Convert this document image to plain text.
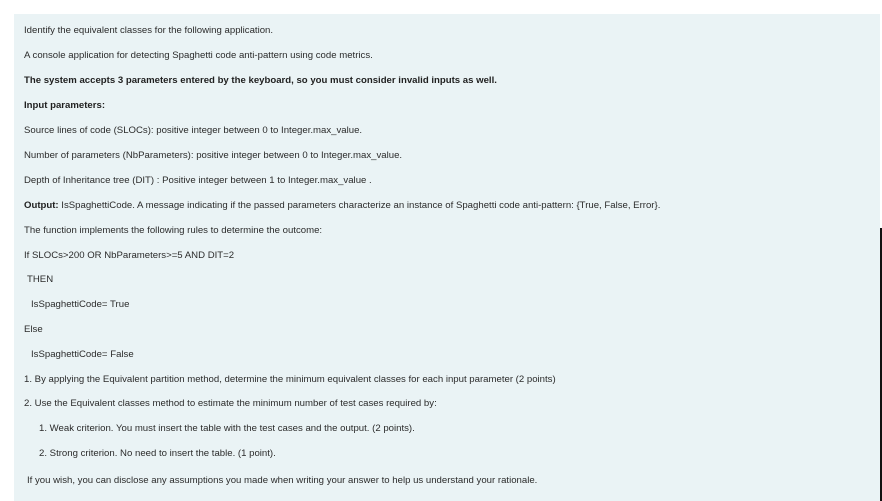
Identify the equivalent classes for the following application.
A console application for detecting Spaghetti code anti-pattern using code metrics.
The system accepts 3 parameters entered by the keyboard, so you must consider invalid inputs as well.
Input parameters:
Source lines of code (SLOCs): positive integer between 0 to Integer.max_value.
Number of parameters (NbParameters): positive integer between 0 to Integer.max_value.
Depth of Inheritance tree (DIT) : Positive integer between 1 to Integer.max_value .
Output: IsSpaghettiCode. A message indicating if the passed parameters characterize an instance of Spaghetti code anti-pattern: {True, False, Error}.
The function implements the following rules to determine the outcome:
If SLOCs>200 OR NbParameters>=5 AND DIT=2
THEN
IsSpaghettiCode= True
Else
IsSpaghettiCode= False
1. By applying the Equivalent partition method, determine the minimum equivalent classes for each input parameter (2 points)
2. Use the Equivalent classes method to estimate the minimum number of test cases required by:
1. Weak criterion. You must insert the table with the test cases and the output. (2 points).
2. Strong criterion. No need to insert the table. (1 point).
If you wish, you can disclose any assumptions you made when writing your answer to help us understand your rationale.
